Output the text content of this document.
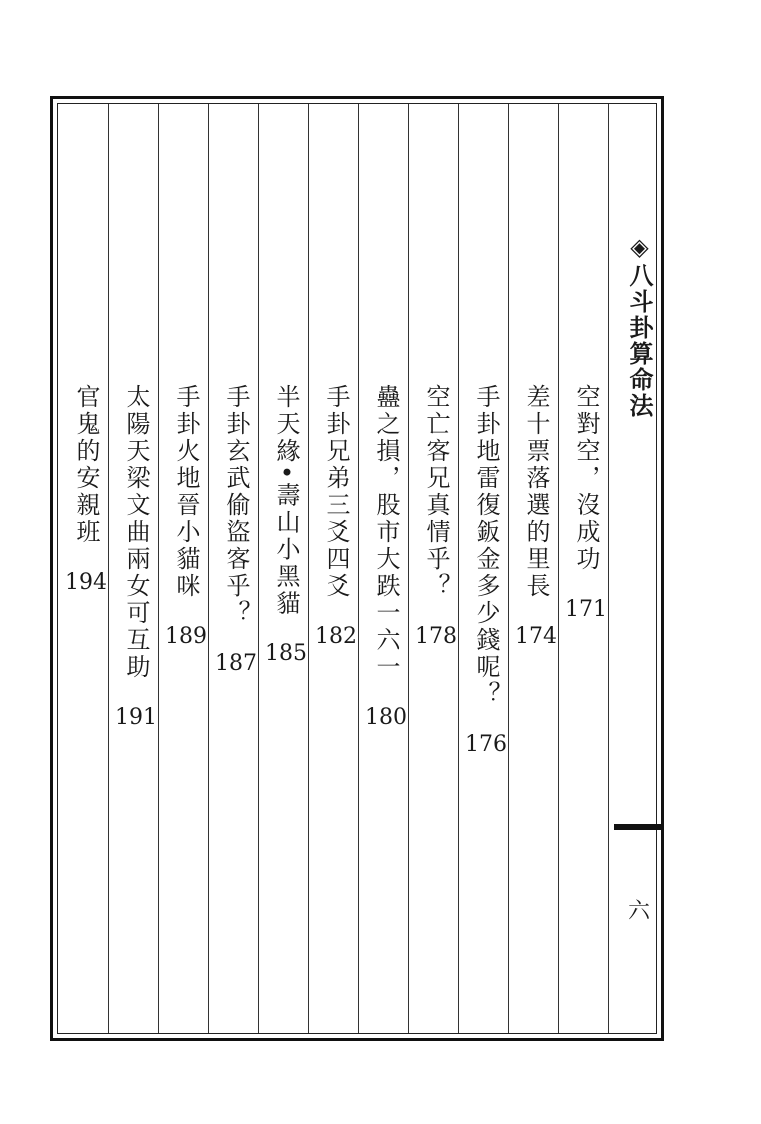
空對空，沒成功
171
差十票落選的里長
174
手卦地雷復鈑金多少錢呢？
176
空亡客兄真情乎？
178
蠱之損，股市大跌一六一
180
手卦兄弟三爻四爻
182
半天緣•壽山小黑貓
185
手卦玄武偷盜客乎？
187
手卦火地晉小貓咪
189
太陽天梁文曲兩女可互助
191
官鬼的安親班
194
◈八斗卦算命法
六
